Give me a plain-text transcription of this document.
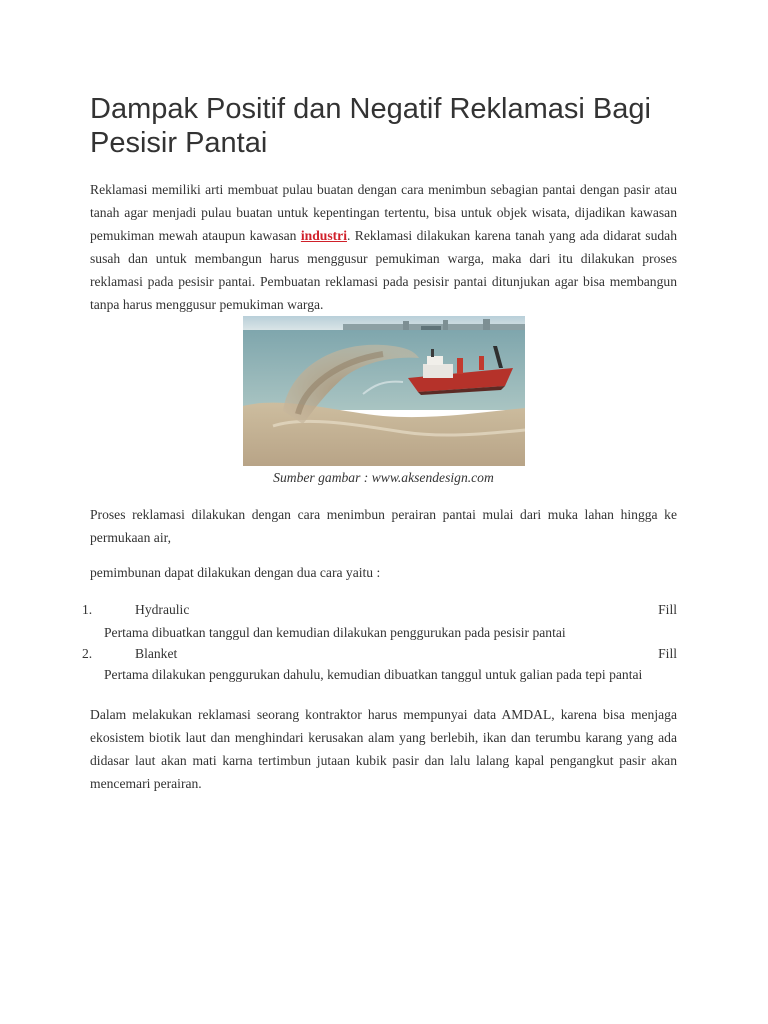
Dampak Positif dan Negatif Reklamasi Bagi Pesisir Pantai

Reklamasi memiliki arti membuat pulau buatan dengan cara menimbun sebagian pantai dengan pasir atau tanah agar menjadi pulau buatan untuk kepentingan tertentu, bisa untuk objek wisata, dijadikan kawasan pemukiman mewah ataupun kawasan industri. Reklamasi dilakukan karena tanah yang ada didarat sudah susah dan untuk membangun harus menggusur pemukiman warga, maka dari itu dilakukan proses reklamasi pada pesisir pantai. Pembuatan reklamasi pada pesisir pantai ditunjukan agar bisa membangun tanpa harus menggusur pemukiman warga.

Sumber gambar : www.aksendesign.com

Proses reklamasi dilakukan dengan cara menimbun perairan pantai mulai dari muka lahan hingga ke permukaan air,

pemimbunan dapat dilakukan dengan dua cara yaitu :

1.	Hydraulic	Fill
Pertama dibuatkan tanggul dan kemudian dilakukan penggurukan pada pesisir pantai
2.	Blanket	Fill
Pertama dilakukan penggurukan dahulu, kemudian dibuatkan tanggul untuk galian pada tepi pantai

Dalam melakukan reklamasi seorang kontraktor harus mempunyai data AMDAL, karena bisa menjaga ekosistem biotik laut dan menghindari kerusakan alam yang berlebih, ikan dan terumbu karang yang ada didasar laut akan mati karna tertimbun jutaan kubik pasir dan lalu lalang kapal pengangkut pasir akan mencemari perairan.
